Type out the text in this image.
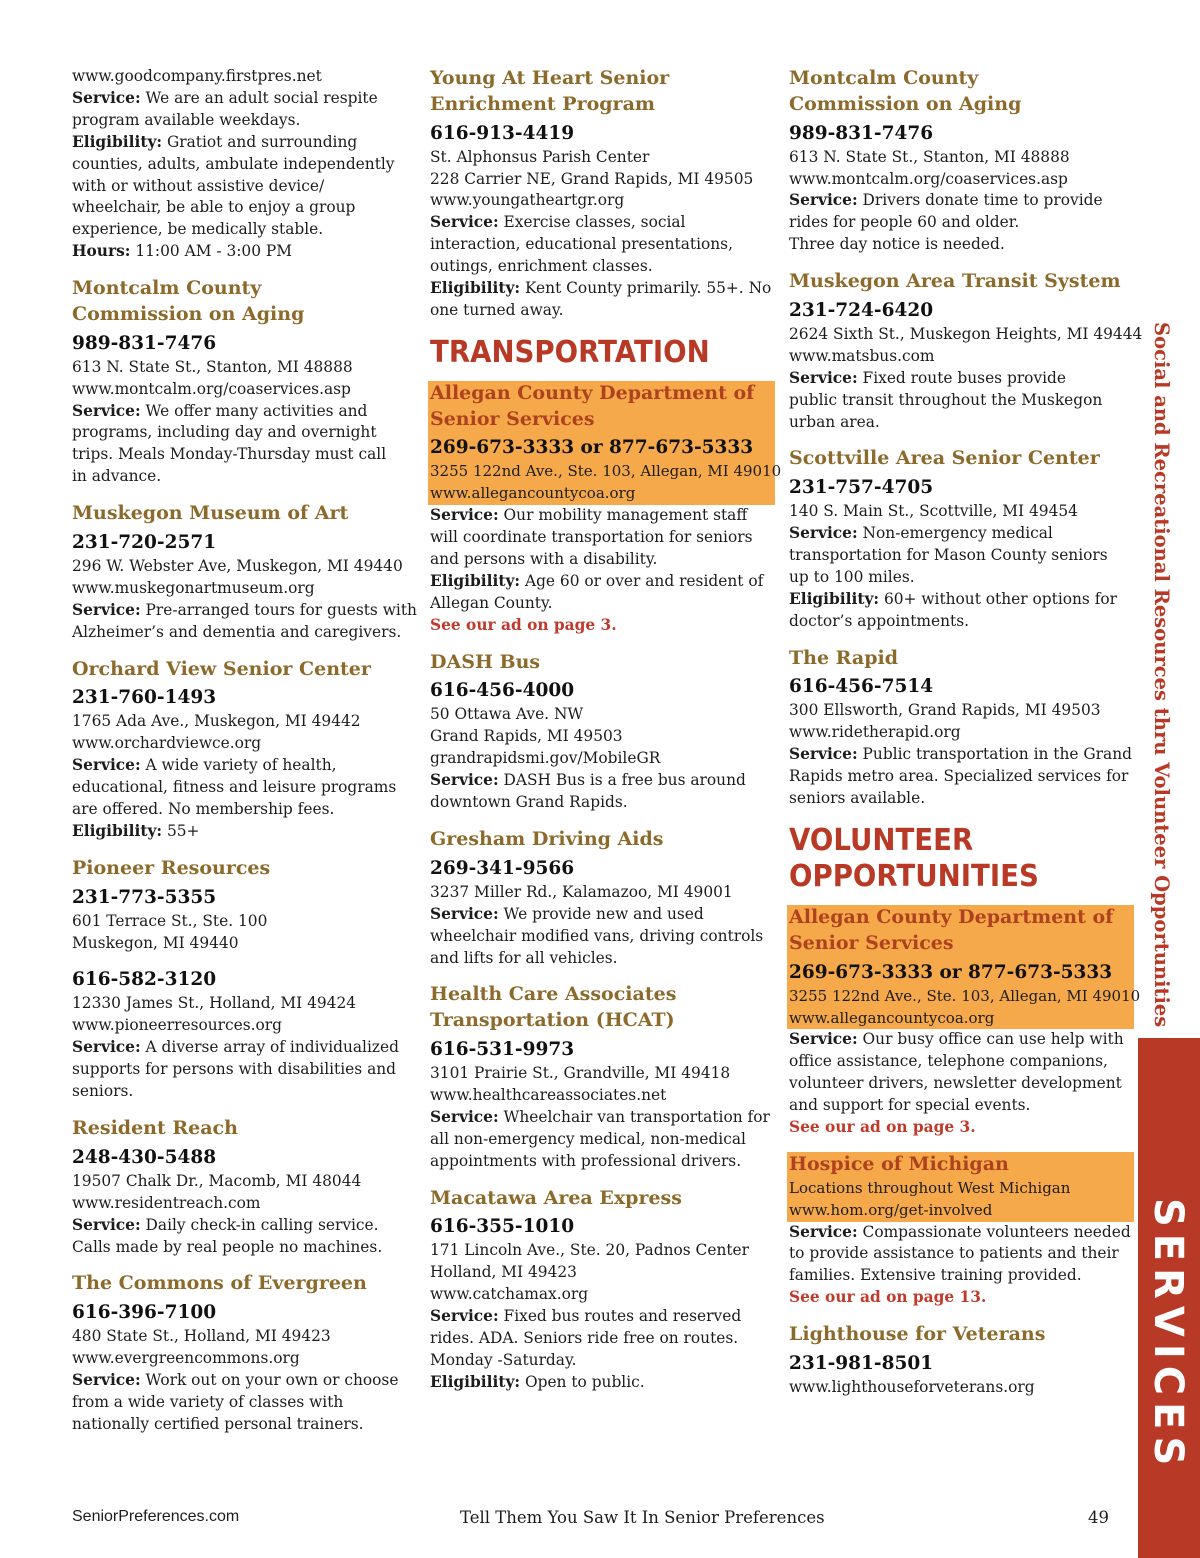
www.goodcompany.firstpres.net
Service: We are an adult social respite
program available weekdays.
Eligibility: Gratiot and surrounding
counties, adults, ambulate independently
with or without assistive device/
wheelchair, be able to enjoy a group
experience, be medically stable.
Hours: 11:00 AM - 3:00 PM
Montcalm County
Commission on Aging
989-831-7476
613 N. State St., Stanton, MI 48888
www.montcalm.org/coaservices.asp
Service: We offer many activities and
programs, including day and overnight
trips. Meals Monday-Thursday must call
in advance.
Muskegon Museum of Art
231-720-2571
296 W. Webster Ave, Muskegon, MI 49440
www.muskegonartmuseum.org
Service: Pre-arranged tours for guests with
Alzheimer’s and dementia and caregivers.
Orchard View Senior Center
231-760-1493
1765 Ada Ave., Muskegon, MI 49442
www.orchardviewce.org
Service: A wide variety of health,
educational, fitness and leisure programs
are offered. No membership fees.
Eligibility: 55+
Pioneer Resources
231-773-5355
601 Terrace St., Ste. 100
Muskegon, MI 49440
616-582-3120
12330 James St., Holland, MI 49424
www.pioneerresources.org
Service: A diverse array of individualized
supports for persons with disabilities and
seniors.
Resident Reach
248-430-5488
19507 Chalk Dr., Macomb, MI 48044
www.residentreach.com
Service: Daily check-in calling service.
Calls made by real people no machines.
The Commons of Evergreen
616-396-7100
480 State St., Holland, MI 49423
www.evergreencommons.org
Service: Work out on your own or choose
from a wide variety of classes with
nationally certified personal trainers.
Young At Heart Senior
Enrichment Program
616-913-4419
St. Alphonsus Parish Center
228 Carrier NE, Grand Rapids, MI 49505
www.youngatheartgr.org
Service: Exercise classes, social
interaction, educational presentations,
outings, enrichment classes.
Eligibility: Kent County primarily. 55+. No
one turned away.
TRANSPORTATION
Allegan County Department of
Senior Services
269-673-3333 or 877-673-5333
3255 122nd Ave., Ste. 103, Allegan, MI 49010
www.allegancountycoa.org
Service: Our mobility management staff
will coordinate transportation for seniors
and persons with a disability.
Eligibility: Age 60 or over and resident of
Allegan County.
See our ad on page 3.
DASH Bus
616-456-4000
50 Ottawa Ave. NW
Grand Rapids, MI 49503
grandrapidsmi.gov/MobileGR
Service: DASH Bus is a free bus around
downtown Grand Rapids.
Gresham Driving Aids
269-341-9566
3237 Miller Rd., Kalamazoo, MI 49001
Service: We provide new and used
wheelchair modified vans, driving controls
and lifts for all vehicles.
Health Care Associates
Transportation (HCAT)
616-531-9973
3101 Prairie St., Grandville, MI 49418
www.healthcareassociates.net
Service: Wheelchair van transportation for
all non-emergency medical, non-medical
appointments with professional drivers.
Macatawa Area Express
616-355-1010
171 Lincoln Ave., Ste. 20, Padnos Center
Holland, MI 49423
www.catchamax.org
Service: Fixed bus routes and reserved
rides. ADA. Seniors ride free on routes.
Monday -Saturday.
Eligibility: Open to public.
Montcalm County
Commission on Aging
989-831-7476
613 N. State St., Stanton, MI 48888
www.montcalm.org/coaservices.asp
Service: Drivers donate time to provide
rides for people 60 and older.
Three day notice is needed.
Muskegon Area Transit System
231-724-6420
2624 Sixth St., Muskegon Heights, MI 49444
www.matsbus.com
Service: Fixed route buses provide
public transit throughout the Muskegon
urban area.
Scottville Area Senior Center
231-757-4705
140 S. Main St., Scottville, MI 49454
Service: Non-emergency medical
transportation for Mason County seniors
up to 100 miles.
Eligibility: 60+ without other options for
doctor’s appointments.
The Rapid
616-456-7514
300 Ellsworth, Grand Rapids, MI 49503
www.ridetherapid.org
Service: Public transportation in the Grand
Rapids metro area. Specialized services for
seniors available.
VOLUNTEER
OPPORTUNITIES
Allegan County Department of
Senior Services
269-673-3333 or 877-673-5333
3255 122nd Ave., Ste. 103, Allegan, MI 49010
www.allegancountycoa.org
Service: Our busy office can use help with
office assistance, telephone companions,
volunteer drivers, newsletter development
and support for special events.
See our ad on page 3.
Hospice of Michigan
Locations throughout West Michigan
www.hom.org/get-involved
Service: Compassionate volunteers needed
to provide assistance to patients and their
families. Extensive training provided.
See our ad on page 13.
Lighthouse for Veterans
231-981-8501
www.lighthouseforveterans.org
Social and Recreational Resources thru Volunteer Opportunities
SERVICES
SeniorPreferences.com	Tell Them You Saw It In Senior Preferences	49
